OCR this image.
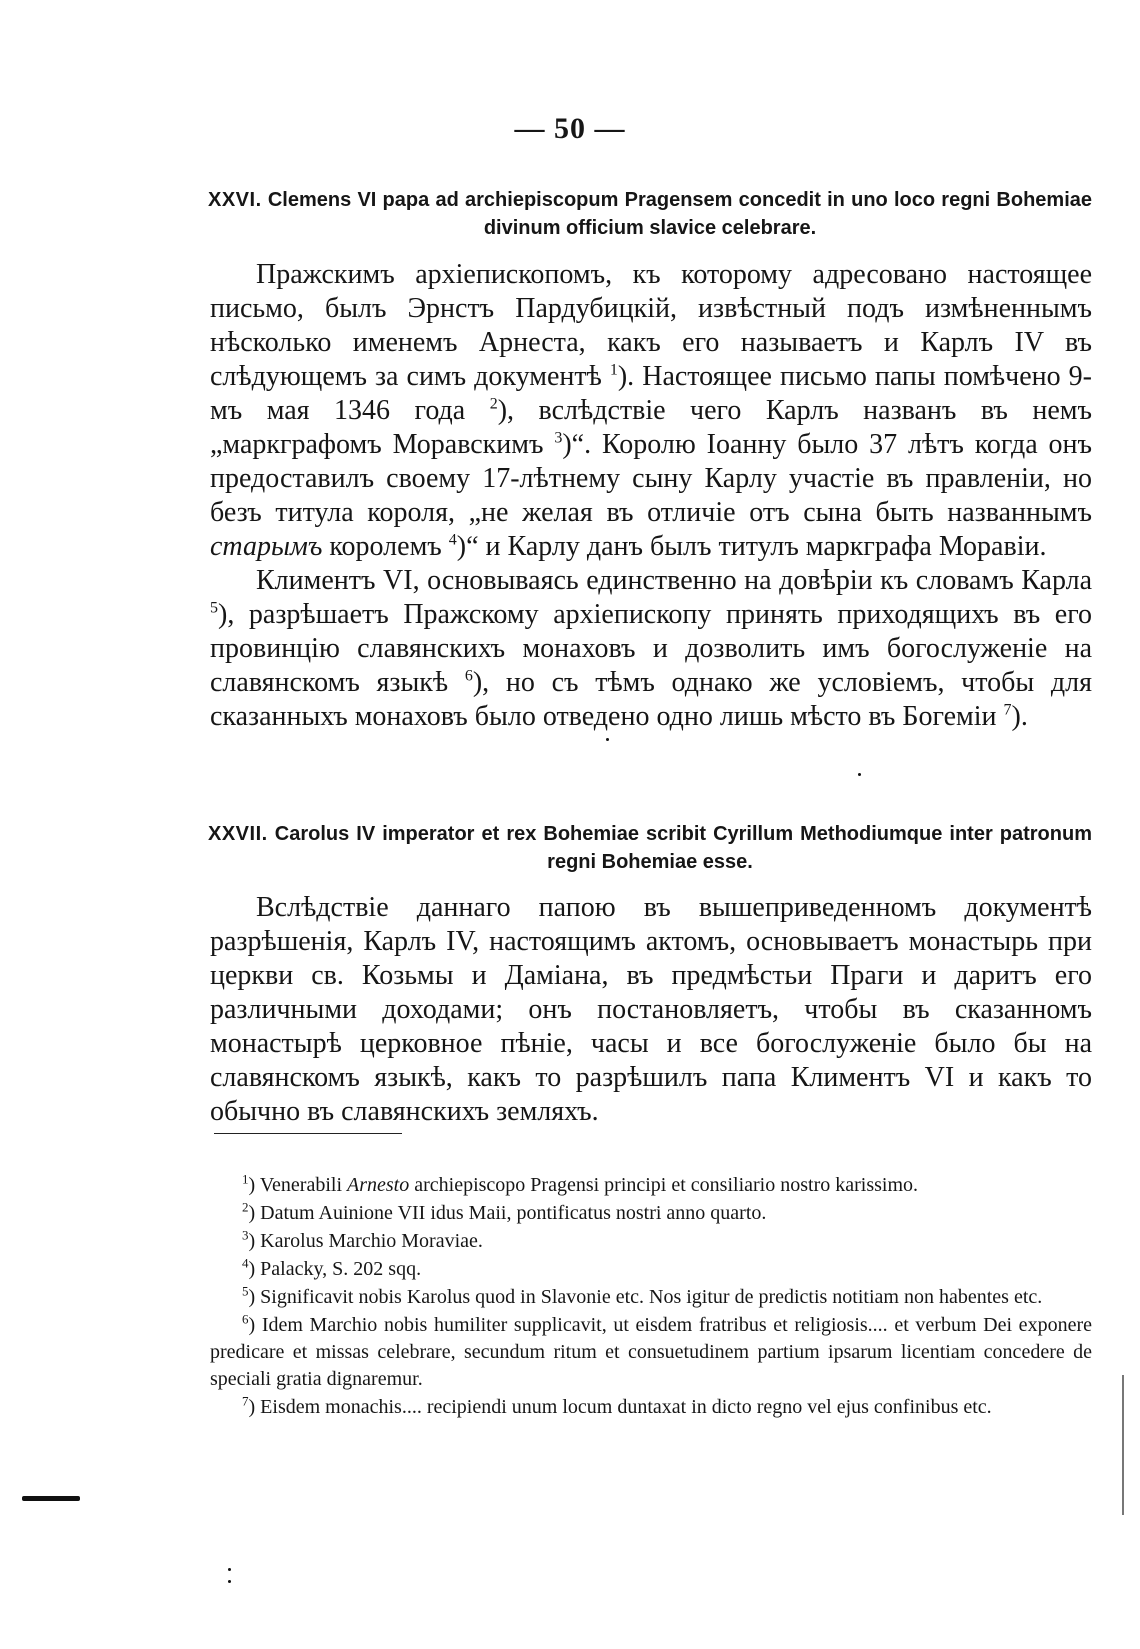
— 50 —
XXVI. Clemens VI papa ad archiepiscopum Pragensem concedit in uno loco regni Bohemiae divinum officium slavice celebrare.

Пражскимъ архіепископомъ, къ которому адресовано настоящее письмо, былъ Эрнстъ Пардубицкій, извѣстный подъ измѣненнымъ нѣсколько именемъ Арнеста, какъ его называетъ и Карлъ IV въ слѣдующемъ за симъ документѣ $^1$). Настоящее письмо папы помѣчено 9-мъ мая 1346 года $^2$), вслѣдствіе чего Карлъ названъ въ немъ „маркграфомъ Моравскимъ $^3$)“. Королю Іоанну было 37 лѣтъ когда онъ предоставилъ своему 17-лѣтнему сыну Карлу участіе въ правленіи, но безъ титула короля, „не желая въ отличіе отъ сына быть названнымъ старымъ королемъ $^4$)“ и Карлу данъ былъ титулъ маркграфа Моравіи.

Климентъ VI, основываясь единственно на довѣріи къ словамъ Карла $^5$), разрѣшаетъ Пражскому архіепископу принять приходящихъ въ его провинцію славянскихъ монаховъ и дозволить имъ богослуженіе на славянскомъ языкѣ $^6$), но съ тѣмъ однако же условіемъ, чтобы для сказанныхъ монаховъ было отведено одно лишь мѣсто въ Богеміи $^7$).

XXVII. Carolus IV imperator et rex Bohemiae scribit Cyrillum Methodiumque inter patronum regni Bohemiae esse.

Вслѣдствіе даннаго папою въ вышеприведенномъ документѣ разрѣшенія, Карлъ IV, настоящимъ актомъ, основываетъ монастырь при церкви св. Козьмы и Даміана, въ предмѣстьи Праги и даритъ его различными доходами; онъ постановляетъ, чтобы въ сказанномъ монастырѣ церковное пѣніе, часы и все богослуженіе было бы на славянскомъ языкѣ, какъ то разрѣшилъ папа Климентъ VI и какъ то обычно въ славянскихъ земляхъ.

$^1$) Venerabili Arnesto archiepiscopo Pragensi principi et consiliario nostro karissimo.

$^2$) Datum Auinione VII idus Maii, pontificatus nostri anno quarto.

$^3$) Karolus Marchio Moraviae.

$^4$) Palacky, S. 202 sqq.

$^5$) Significavit nobis Karolus quod in Slavonie etc. Nos igitur de predictis notitiam non habentes etc.

$^6$) Idem Marchio nobis humiliter supplicavit, ut eisdem fratribus et religiosis.... et verbum Dei exponere predicare et missas celebrare, secundum ritum et consuetudinem partium ipsarum licentiam concedere de speciali gratia dignaremur.

$^7$) Eisdem monachis.... recipiendi unum locum duntaxat in dicto regno vel ejus confinibus etc.
